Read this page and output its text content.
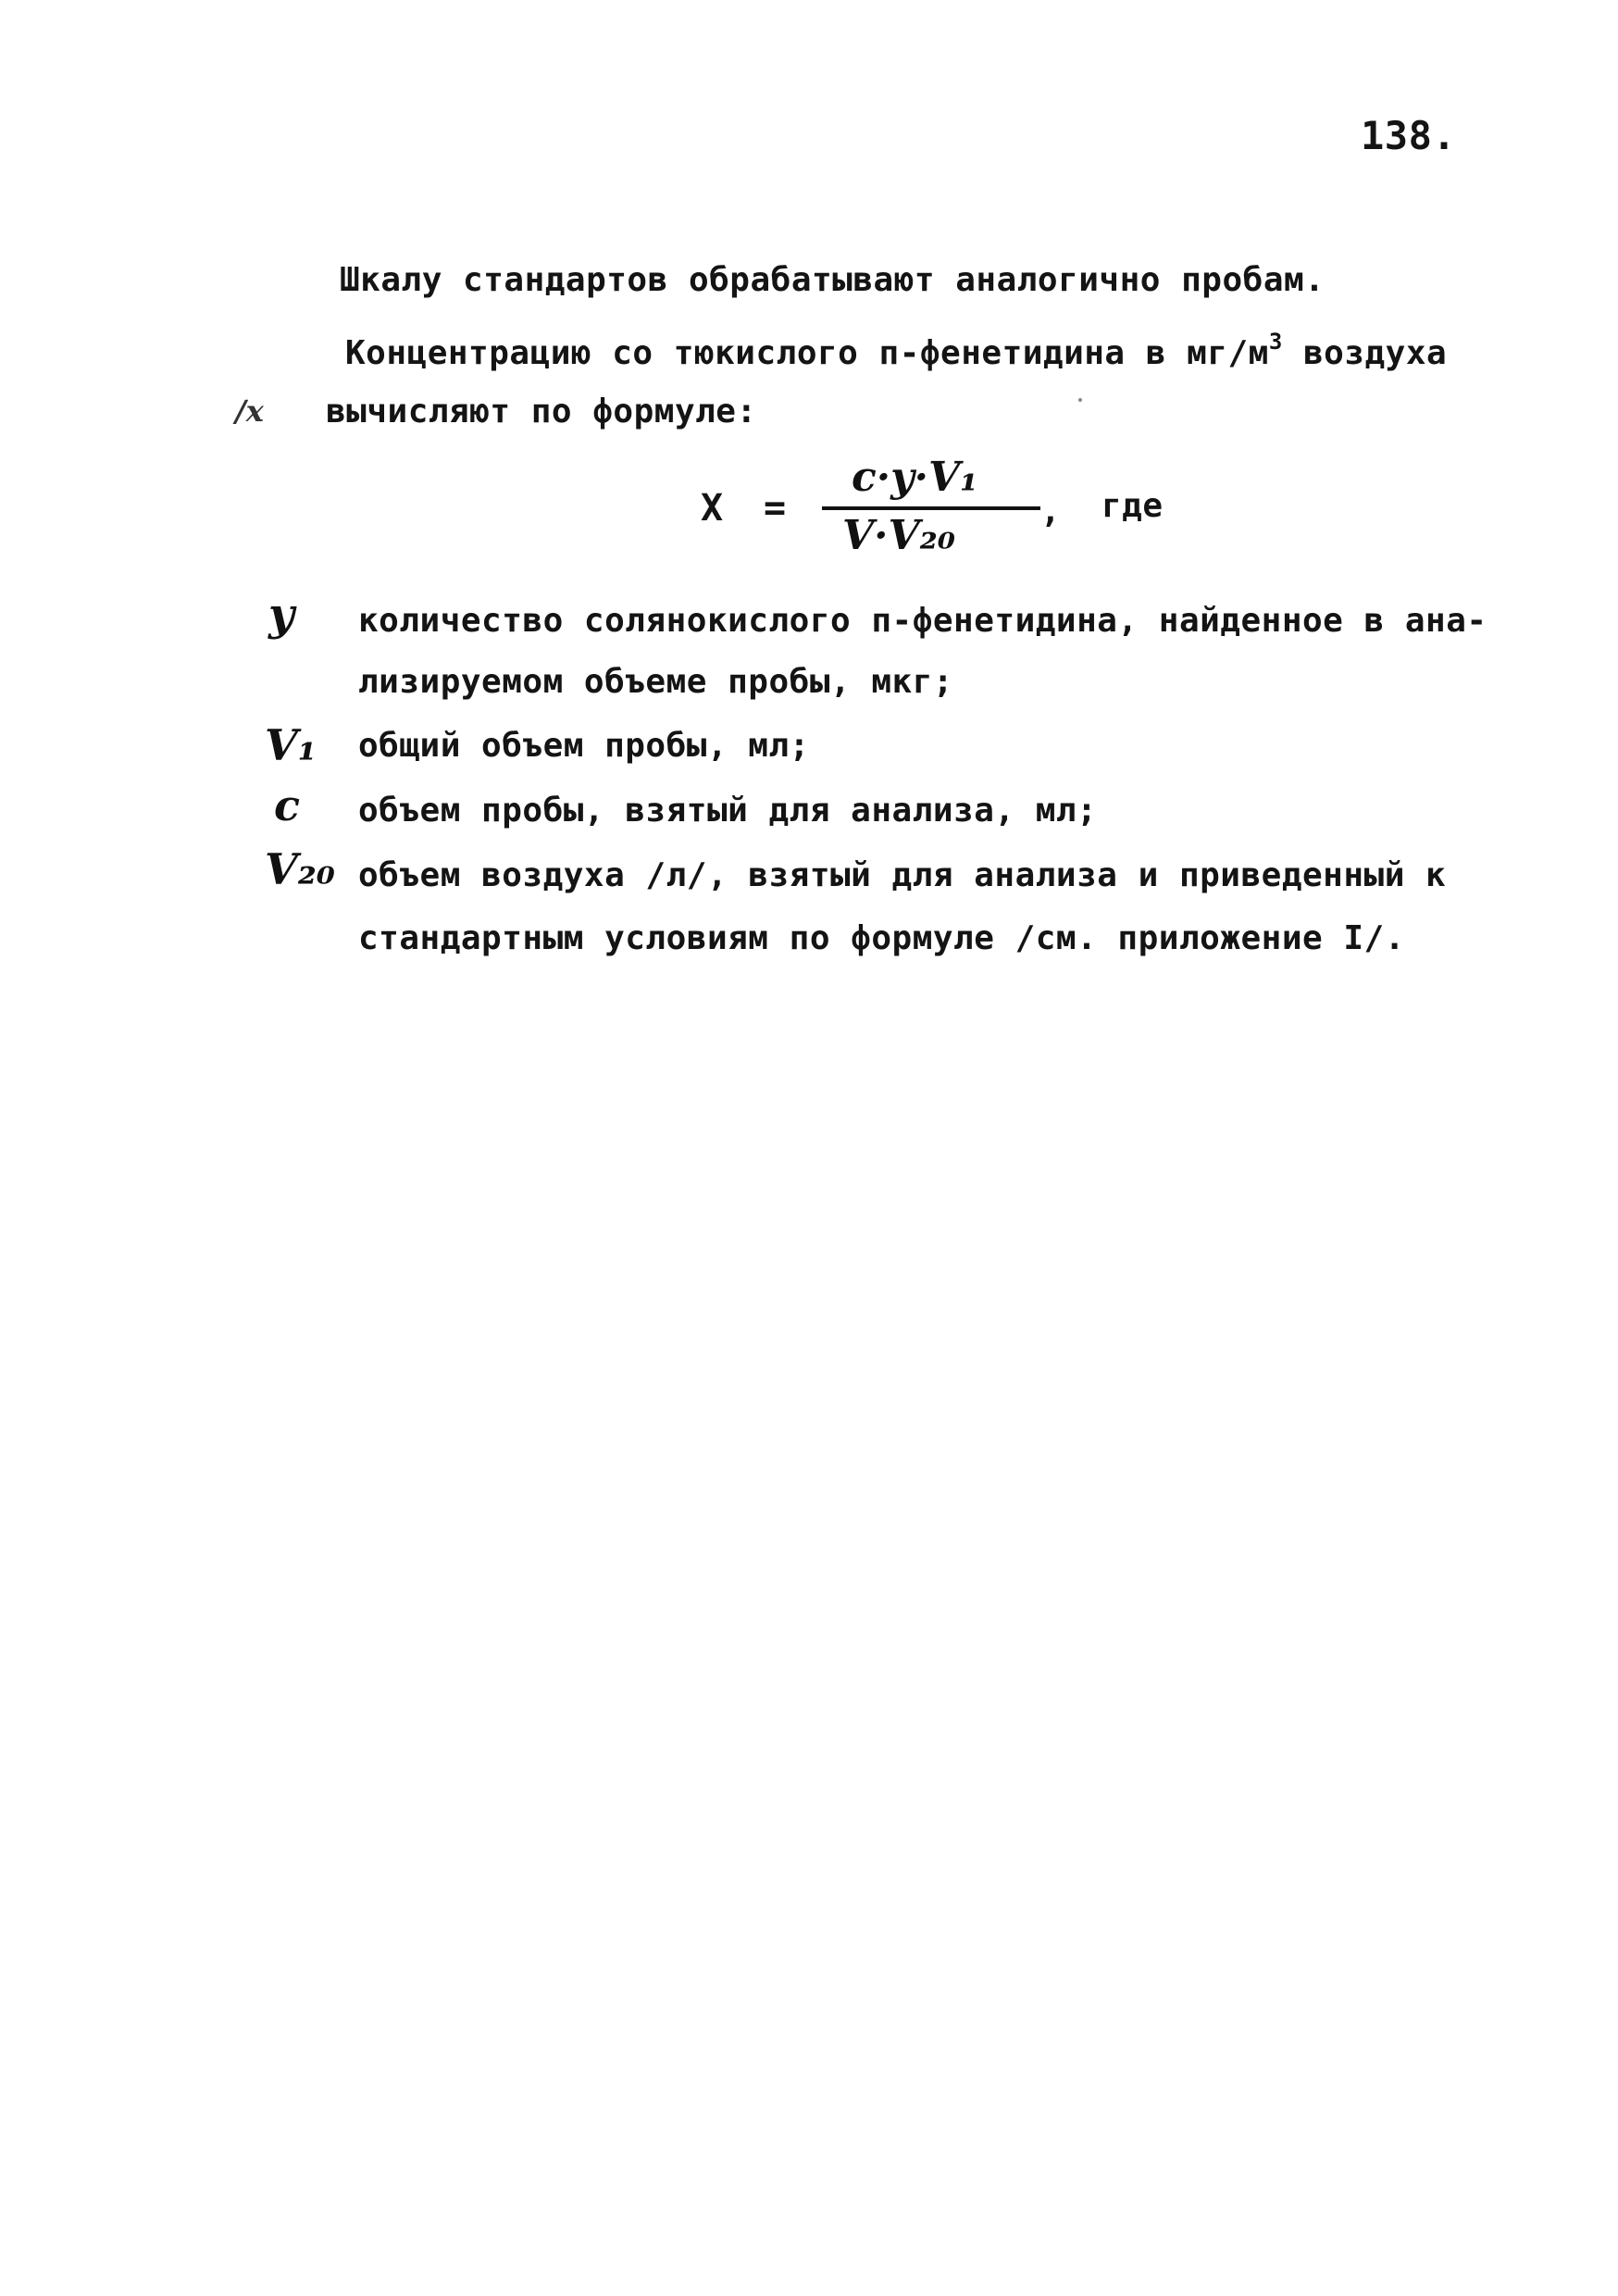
138.
Шкалу стандартов обрабатывают аналогично пробам.
Концентрацию со тюкислого п-фенетидина в $мг/м^3$ воздуха
/x вычисляют по формуле:
X =
c·y·V₁
V·V₂₀
, где
y количество солянокислого п-фенетидина, найденное в ана-
лизируемом объеме пробы, мкг;
V₁ общий объем пробы, мл;
c объем пробы, взятый для анализа, мл;
V₂₀ объем воздуха /л/, взятый для анализа и приведенный к
стандартным условиям по формуле /см. приложение I/.
